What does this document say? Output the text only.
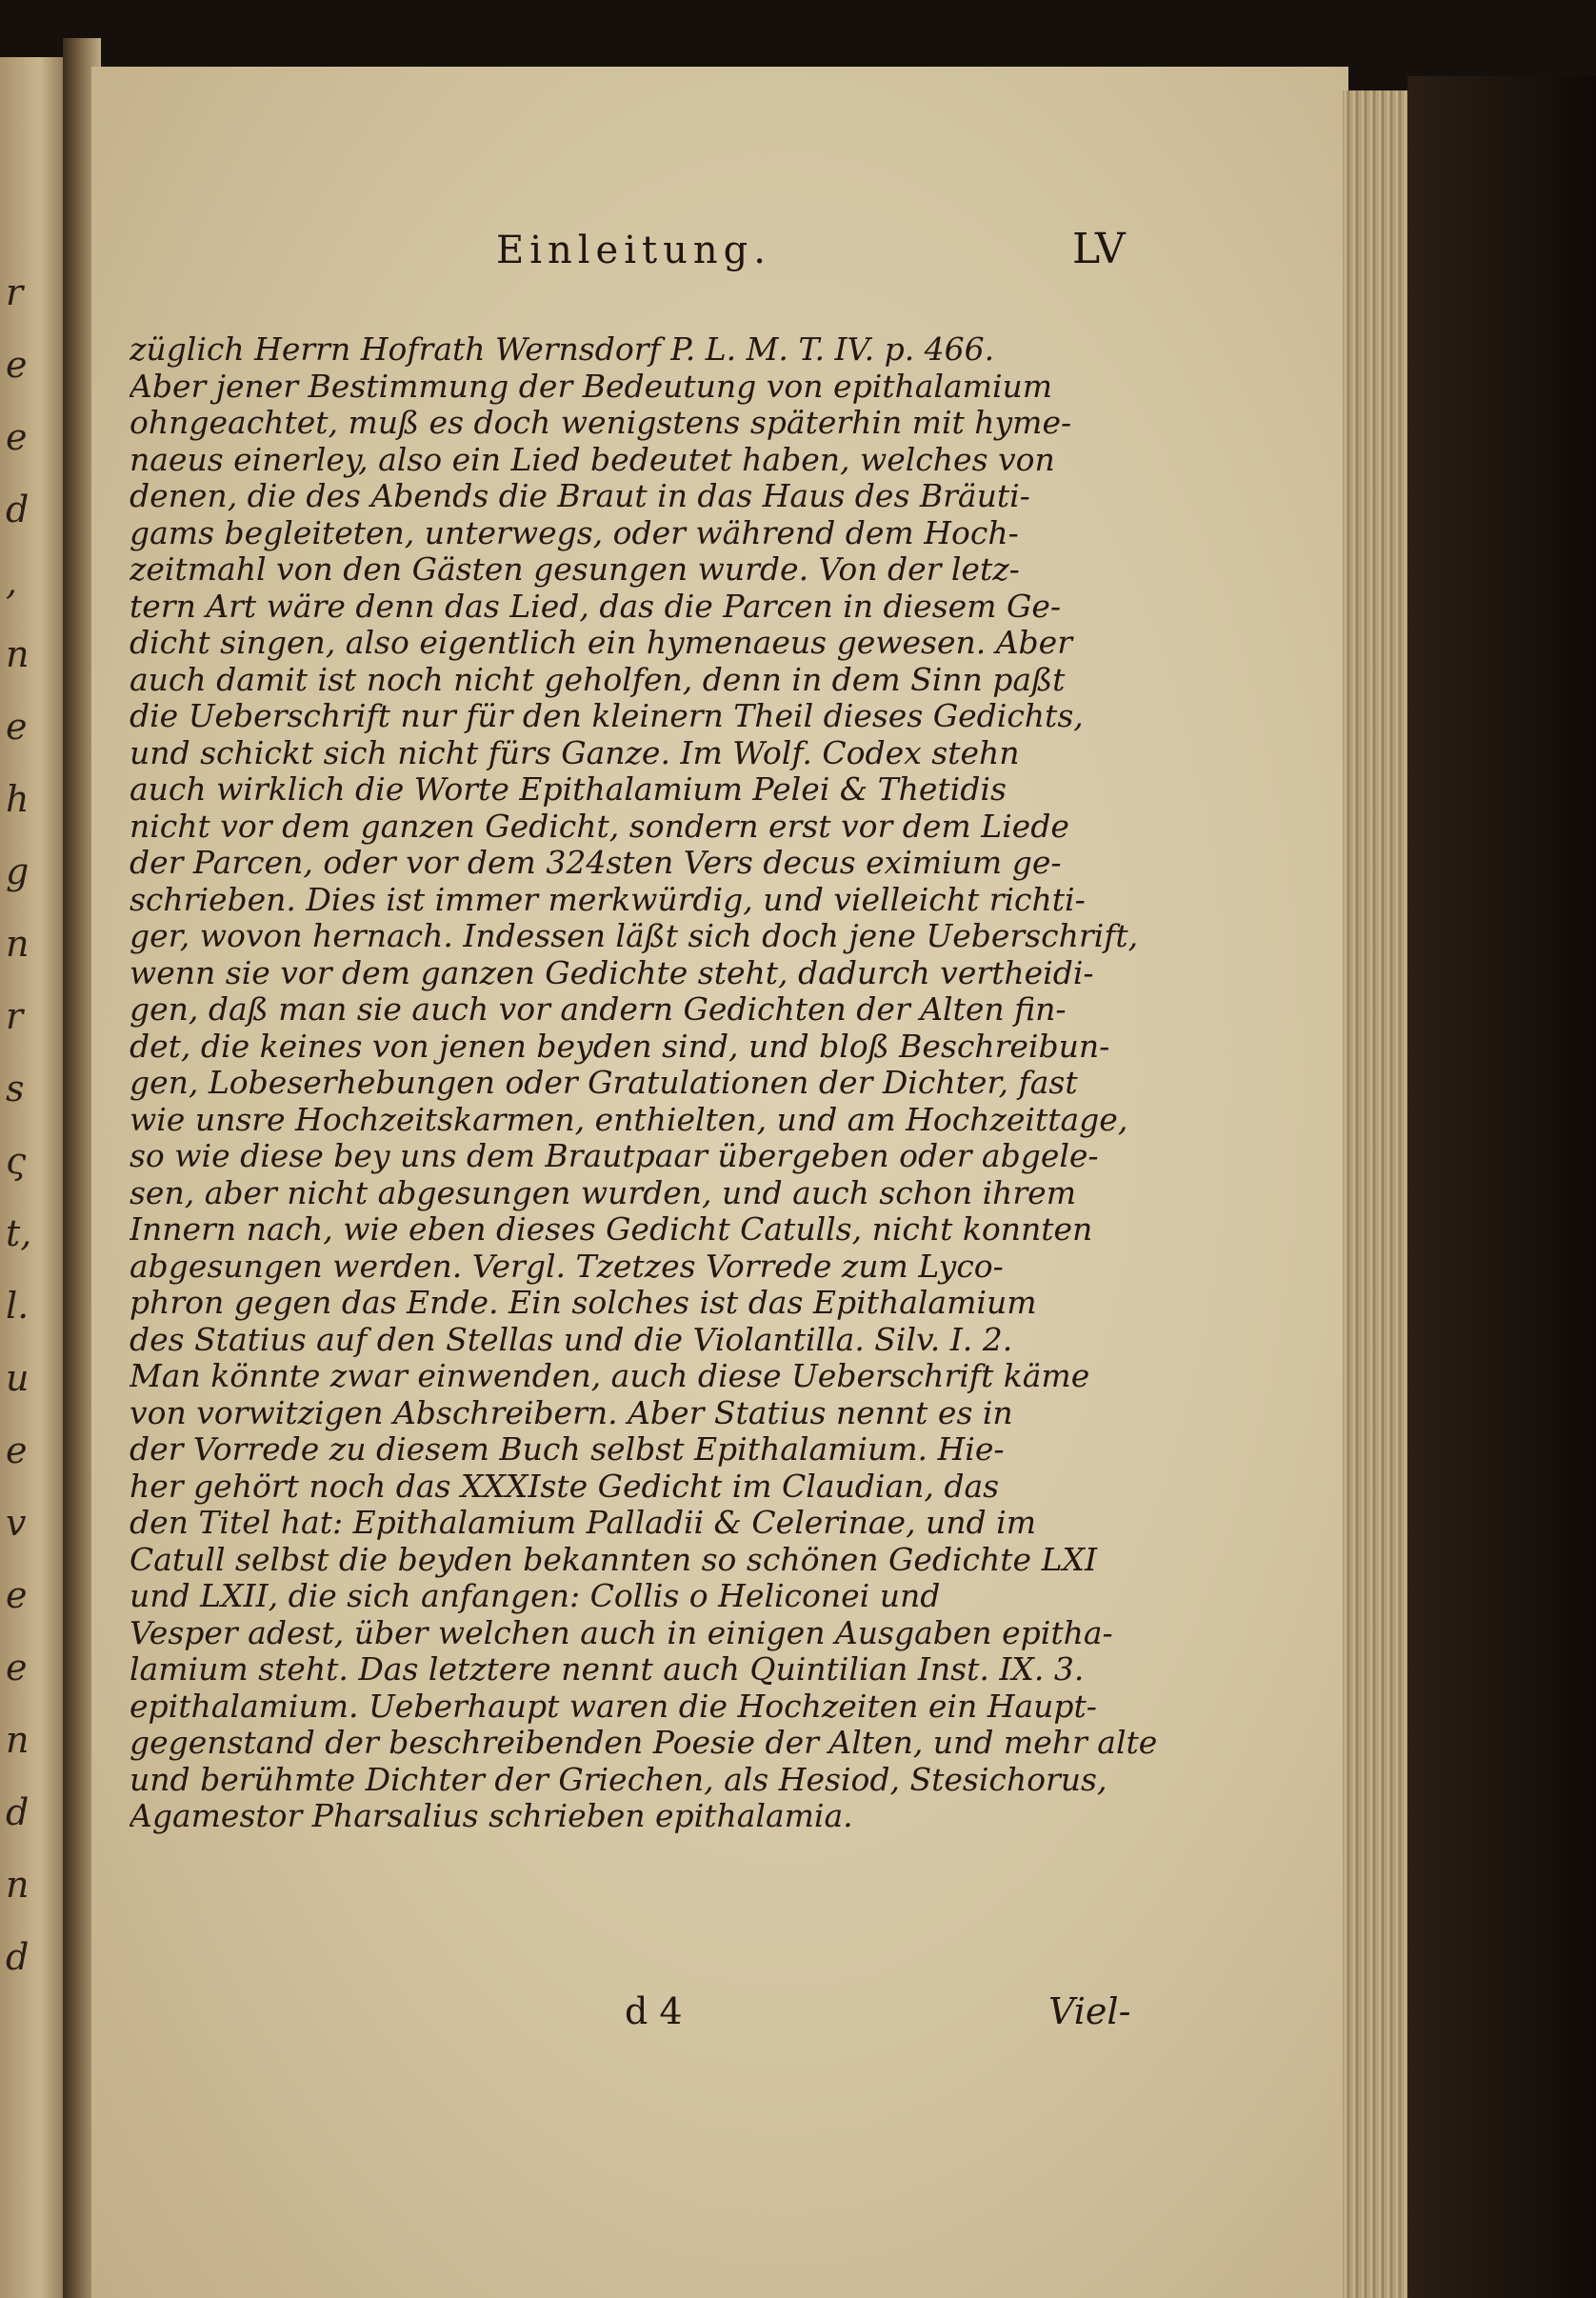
r
e
e
d
,
n
e
h
g
n
r
s
ς
t,
l.
u
e
v
e
e
n
d
n
d
Einleitung.	LV
züglich Herrn Hofrath Wernsdorf P. L. M. T. IV. p. 466.
Aber jener Bestimmung der Bedeutung von epithalamium
ohngeachtet, muß es doch wenigstens späterhin mit hyme-
naeus einerley, also ein Lied bedeutet haben, welches von
denen, die des Abends die Braut in das Haus des Bräuti-
gams begleiteten, unterwegs, oder während dem Hoch-
zeitmahl von den Gästen gesungen wurde. Von der letz-
tern Art wäre denn das Lied, das die Parcen in diesem Ge-
dicht singen, also eigentlich ein hymenaeus gewesen. Aber
auch damit ist noch nicht geholfen, denn in dem Sinn paßt
die Ueberschrift nur für den kleinern Theil dieses Gedichts,
und schickt sich nicht fürs Ganze. Im Wolf. Codex stehn
auch wirklich die Worte Epithalamium Pelei & Thetidis
nicht vor dem ganzen Gedicht, sondern erst vor dem Liede
der Parcen, oder vor dem 324sten Vers decus eximium ge-
schrieben. Dies ist immer merkwürdig, und vielleicht richti-
ger, wovon hernach. Indessen läßt sich doch jene Ueberschrift,
wenn sie vor dem ganzen Gedichte steht, dadurch vertheidi-
gen, daß man sie auch vor andern Gedichten der Alten fin-
det, die keines von jenen beyden sind, und bloß Beschreibun-
gen, Lobeserhebungen oder Gratulationen der Dichter, fast
wie unsre Hochzeitskarmen, enthielten, und am Hochzeittage,
so wie diese bey uns dem Brautpaar übergeben oder abgele-
sen, aber nicht abgesungen wurden, und auch schon ihrem
Innern nach, wie eben dieses Gedicht Catulls, nicht konnten
abgesungen werden. Vergl. Tzetzes Vorrede zum Lyco-
phron gegen das Ende. Ein solches ist das Epithalamium
des Statius auf den Stellas und die Violantilla. Silv. I. 2.
Man könnte zwar einwenden, auch diese Ueberschrift käme
von vorwitzigen Abschreibern. Aber Statius nennt es in
der Vorrede zu diesem Buch selbst Epithalamium. Hie-
her gehört noch das XXXIste Gedicht im Claudian, das
den Titel hat: Epithalamium Palladii & Celerinae, und im
Catull selbst die beyden bekannten so schönen Gedichte LXI
und LXII, die sich anfangen: Collis o Heliconei und
Vesper adest, über welchen auch in einigen Ausgaben epitha-
lamium steht. Das letztere nennt auch Quintilian Inst. IX. 3.
epithalamium. Ueberhaupt waren die Hochzeiten ein Haupt-
gegenstand der beschreibenden Poesie der Alten, und mehr alte
und berühmte Dichter der Griechen, als Hesiod, Stesichorus,
Agamestor Pharsalius schrieben epithalamia.
d 4	Viel-
